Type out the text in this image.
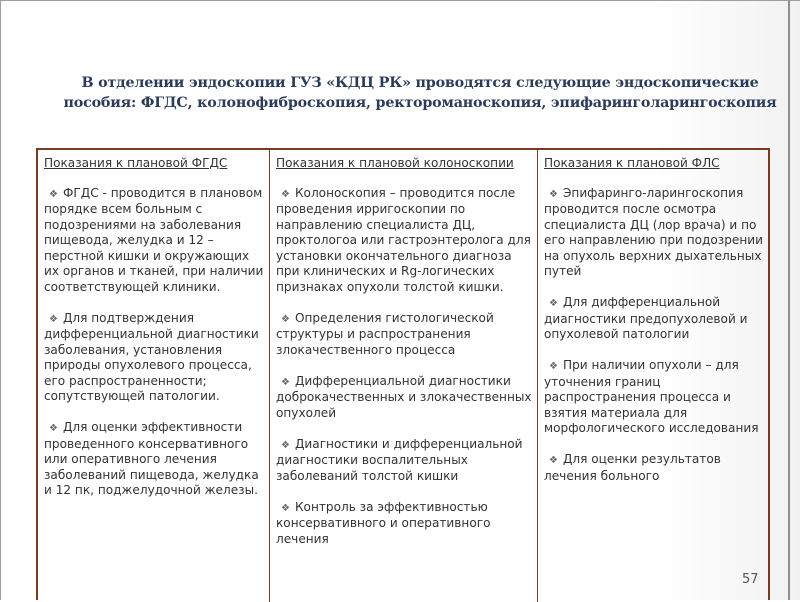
В отделении эндоскопии ГУЗ «КДЦ РК» проводятся следующие эндоскопические пособия: ФГДС, колонофиброскопия, ректороманоскопия, эпифаринголарингоскопия
Показания к плановой ФГДС
❖ ФГДС - проводится в плановом порядке всем больным с подозрениями на заболевания пищевода, желудка и 12 –перстной кишки и окружающих их органов и тканей, при наличии соответствующей клиники.
❖ Для подтверждения дифференциальной диагностики заболевания, установления природы опухолевого процесса, его распространенности; сопутствующей патологии.
❖ Для оценки эффективности проведенного консервативного или оперативного лечения заболеваний пищевода, желудка и 12 пк, поджелудочной железы.
Показания к плановой колоноскопии
❖ Колоноскопия – проводится после проведения ирригоскопии по направлению специалиста ДЦ, проктологоа или гастроэнтеролога для установки окончательного диагноза при клинических и Rg-логических признаках опухоли толстой кишки.
❖ Определения гистологической структуры и распространения злокачественного процесса
❖ Дифференциальной диагностики доброкачественных и злокачественных опухолей
❖ Диагностики и дифференциальной диагностики воспалительных заболеваний толстой кишки
❖ Контроль за эффективностью консервативного и оперативного лечения
Показания к плановой ФЛС
❖ Эпифаринго-ларингоскопия проводится после осмотра специалиста ДЦ (лор врача) и по его направлению при подозрении на опухоль верхних дыхательных путей
❖ Для дифференциальной диагностики предопухолевой и опухолевой патологии
❖ При наличии опухоли – для уточнения границ распространения процесса и взятия материала для морфологического исследования
❖ Для оценки результатов лечения больного
57
